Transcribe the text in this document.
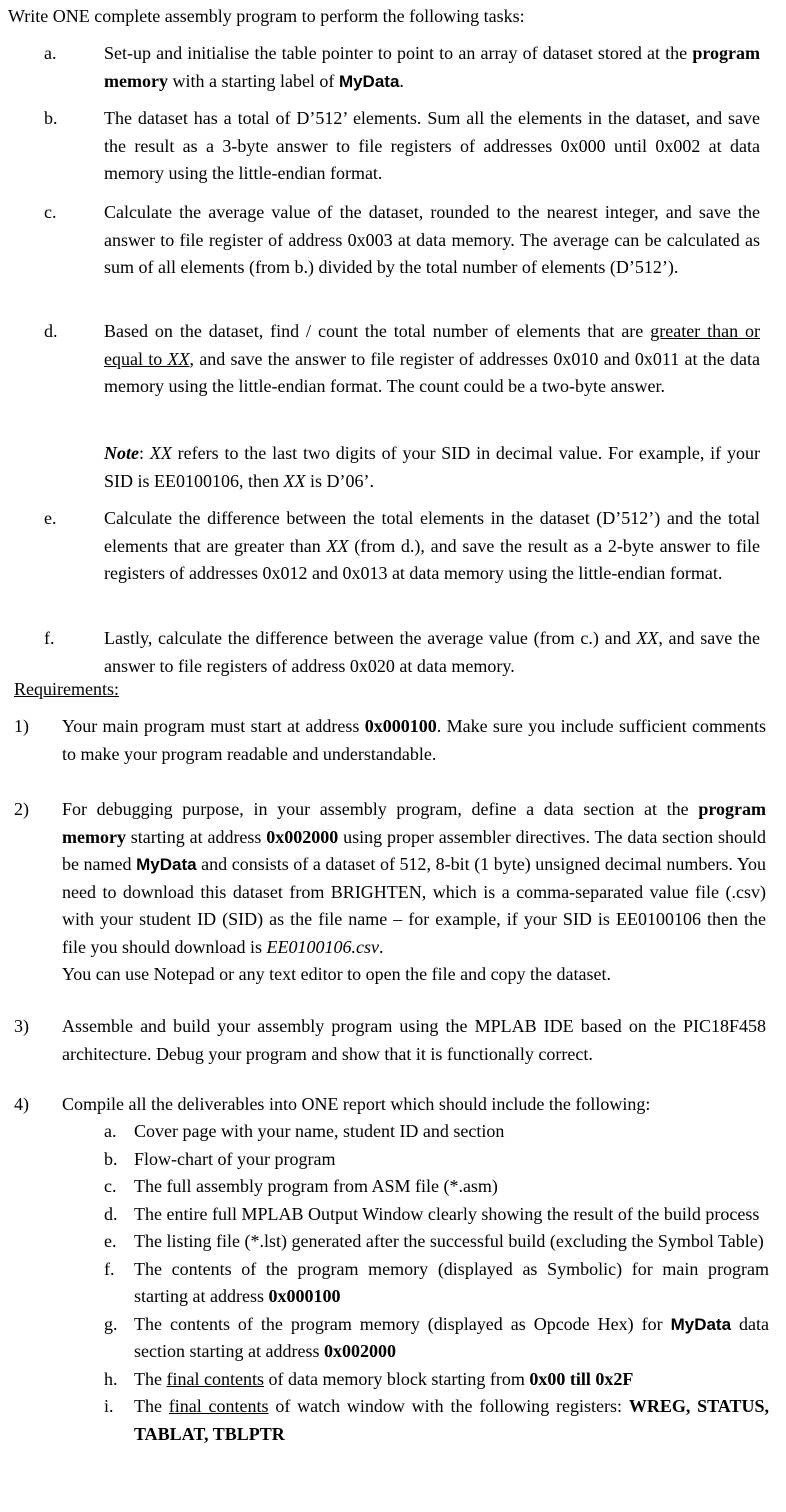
Write ONE complete assembly program to perform the following tasks:
a.	Set-up and initialise the table pointer to point to an array of dataset stored at the program memory with a starting label of MyData.
b.	The dataset has a total of D’512’ elements. Sum all the elements in the dataset, and save the result as a 3-byte answer to file registers of addresses 0x000 until 0x002 at data memory using the little-endian format.
c.	Calculate the average value of the dataset, rounded to the nearest integer, and save the answer to file register of address 0x003 at data memory. The average can be calculated as sum of all elements (from b.) divided by the total number of elements (D’512’).
d.	Based on the dataset, find / count the total number of elements that are greater than or equal to XX, and save the answer to file register of addresses 0x010 and 0x011 at the data memory using the little-endian format. The count could be a two-byte answer.
Note: XX refers to the last two digits of your SID in decimal value. For example, if your SID is EE0100106, then XX is D’06’.
e.	Calculate the difference between the total elements in the dataset (D’512’) and the total elements that are greater than XX (from d.), and save the result as a 2-byte answer to file registers of addresses 0x012 and 0x013 at data memory using the little-endian format.
f.	Lastly, calculate the difference between the average value (from c.) and XX, and save the answer to file registers of address 0x020 at data memory.
Requirements:
1) Your main program must start at address 0x000100. Make sure you include sufficient comments to make your program readable and understandable.
2) For debugging purpose, in your assembly program, define a data section at the program memory starting at address 0x002000 using proper assembler directives. The data section should be named MyData and consists of a dataset of 512, 8-bit (1 byte) unsigned decimal numbers. You need to download this dataset from BRIGHTEN, which is a comma-separated value file (.csv) with your student ID (SID) as the file name – for example, if your SID is EE0100106 then the file you should download is EE0100106.csv.
You can use Notepad or any text editor to open the file and copy the dataset.
3) Assemble and build your assembly program using the MPLAB IDE based on the PIC18F458 architecture. Debug your program and show that it is functionally correct.
4) Compile all the deliverables into ONE report which should include the following:
a. Cover page with your name, student ID and section
b. Flow-chart of your program
c. The full assembly program from ASM file (*.asm)
d. The entire full MPLAB Output Window clearly showing the result of the build process
e. The listing file (*.lst) generated after the successful build (excluding the Symbol Table)
f. The contents of the program memory (displayed as Symbolic) for main program starting at address 0x000100
g. The contents of the program memory (displayed as Opcode Hex) for MyData data section starting at address 0x002000
h. The final contents of data memory block starting from 0x00 till 0x2F
i. The final contents of watch window with the following registers: WREG, STATUS, TABLAT, TBLPTR
